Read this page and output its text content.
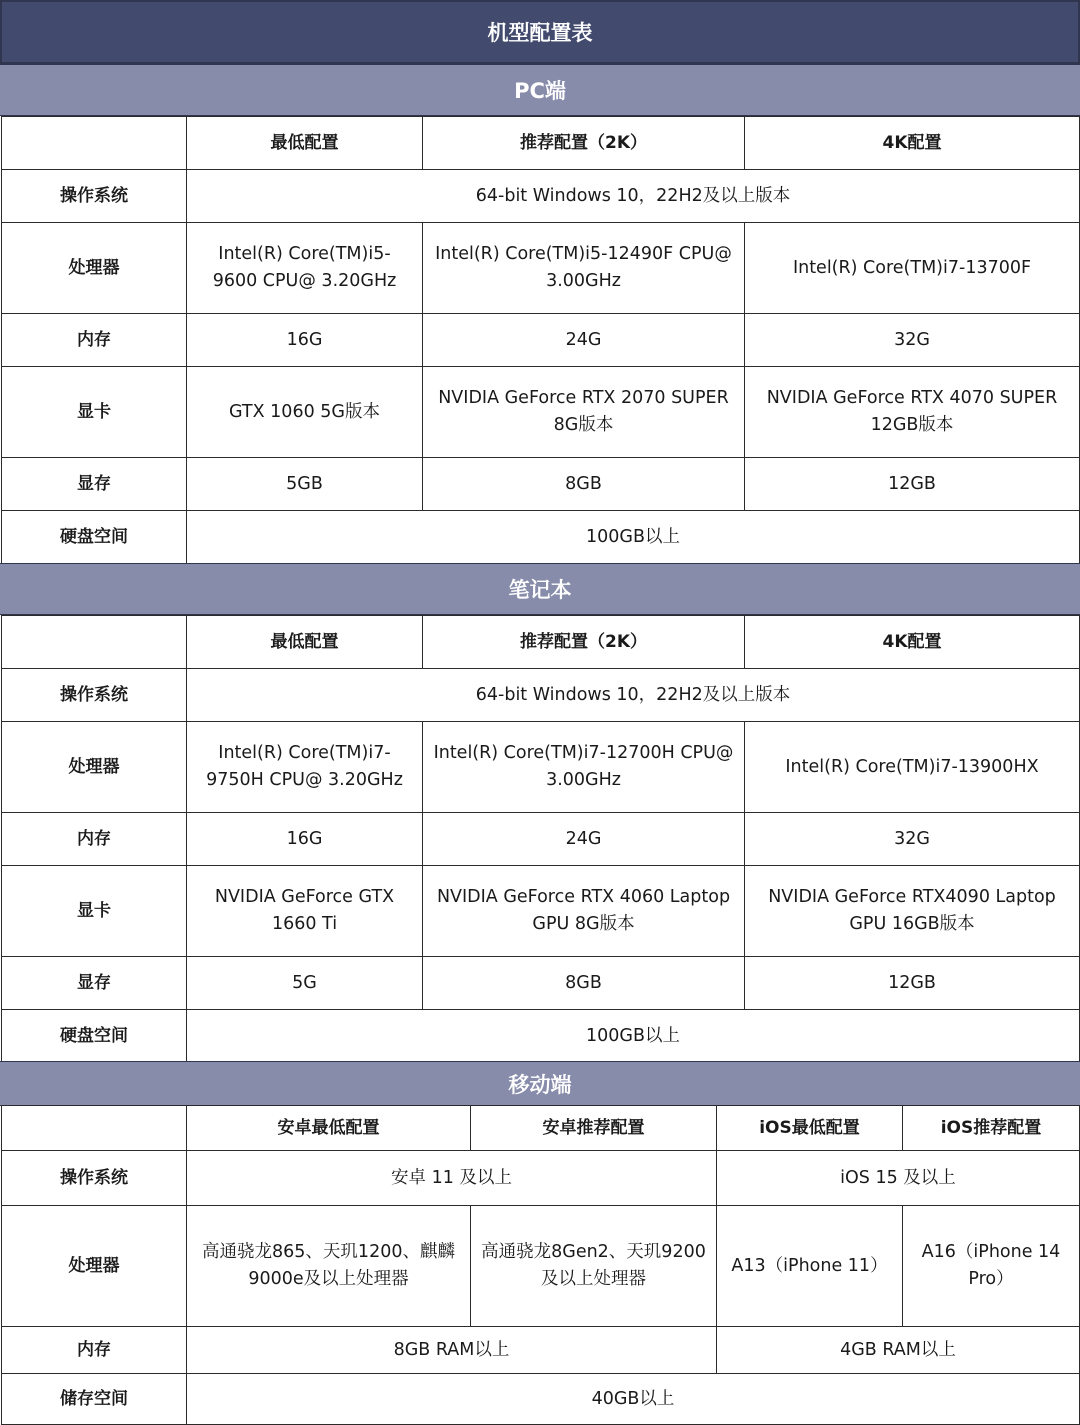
机型配置表
PC端
	最低配置	推荐配置（2K）	4K配置
操作系统	64-bit Windows 10，22H2及以上版本		
处理器	Intel(R) Core(TM)i5-9600 CPU@ 3.20GHz	Intel(R) Core(TM)i5-12490F CPU@ 3.00GHz	Intel(R) Core(TM)i7-13700F
内存	16G	24G	32G
显卡	GTX 1060 5G版本	NVIDIA GeForce RTX 2070 SUPER 8G版本	NVIDIA GeForce RTX 4070 SUPER 12GB版本
显存	5GB	8GB	12GB
硬盘空间	100GB以上		
笔记本
	最低配置	推荐配置（2K）	4K配置
操作系统	64-bit Windows 10，22H2及以上版本		
处理器	Intel(R) Core(TM)i7-9750H CPU@ 3.20GHz	Intel(R) Core(TM)i7-12700H CPU@ 3.00GHz	Intel(R) Core(TM)i7-13900HX
内存	16G	24G	32G
显卡	NVIDIA GeForce GTX 1660 Ti	NVIDIA GeForce RTX 4060 Laptop GPU 8G版本	NVIDIA GeForce RTX4090 Laptop GPU 16GB版本
显存	5G	8GB	12GB
硬盘空间	100GB以上		
移动端
	安卓最低配置	安卓推荐配置	iOS最低配置	iOS推荐配置
操作系统	安卓 11 及以上		iOS 15 及以上	
处理器	高通骁龙865、天玑1200、麒麟9000e及以上处理器	高通骁龙8Gen2、天玑9200及以上处理器	A13（iPhone 11）	A16（iPhone 14 Pro）
内存	8GB RAM以上		4GB RAM以上	
储存空间	40GB以上			
